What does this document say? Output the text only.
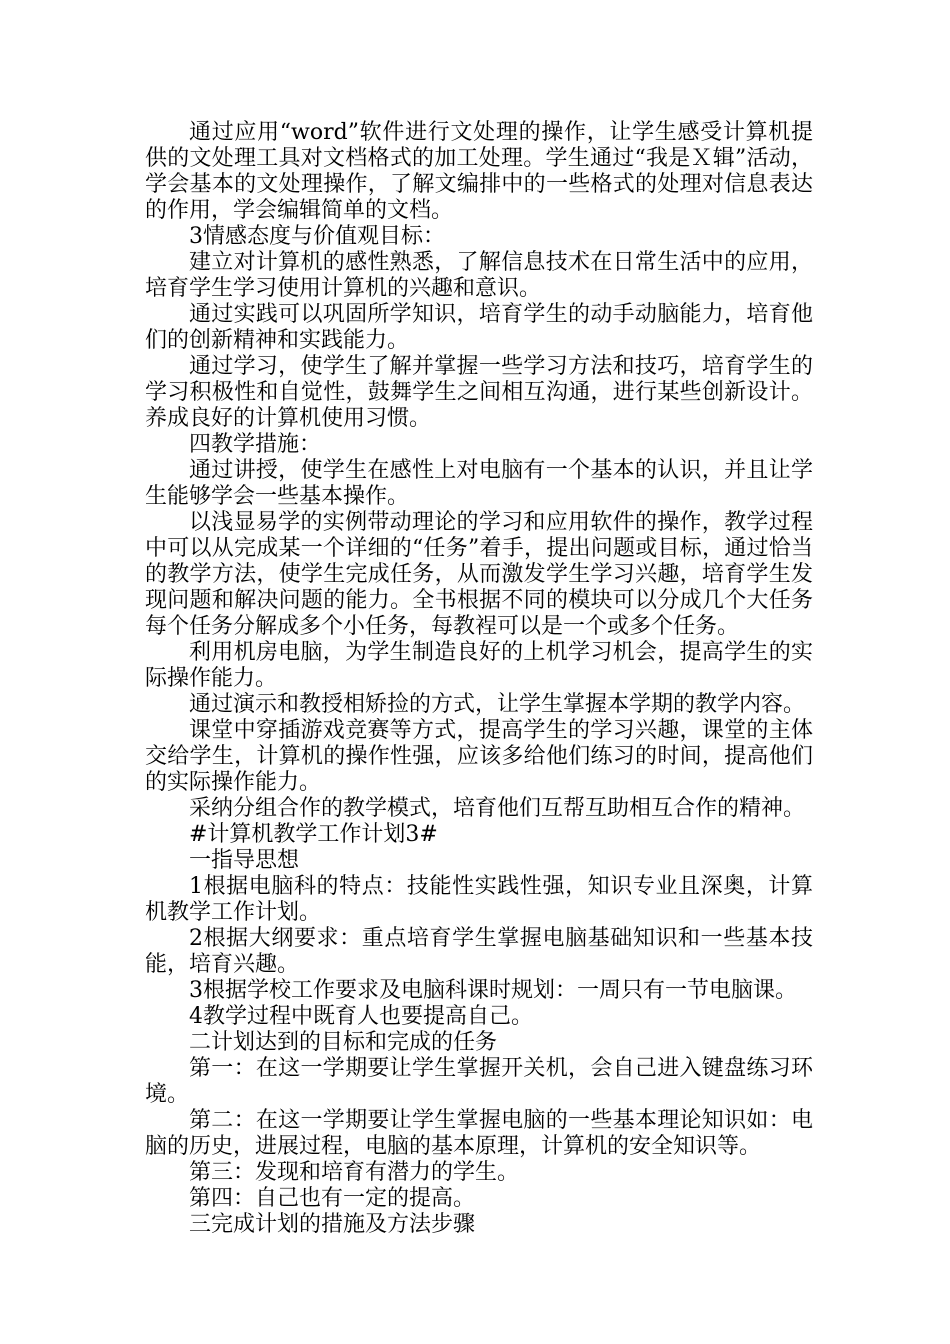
通过应用“word”软件进行文处理的操作，让学生感受计算机提供的文处理工具对文档格式的加工处理。学生通过“我是Ｘ辑”活动，学会基本的文处理操作，了解文编排中的一些格式的处理对信息表达的作用，学会编辑简单的文档。

3情感态度与价值观目标：

建立对计算机的感性熟悉，了解信息技术在日常生活中的应用，培育学生学习使用计算机的兴趣和意识。

通过实践可以巩固所学知识，培育学生的动手动脑能力，培育他们的创新精神和实践能力。

通过学习，使学生了解并掌握一些学习方法和技巧，培育学生的学习积极性和自觉性，鼓舞学生之间相互沟通，进行某些创新设计。养成良好的计算机使用习惯。

四教学措施：

通过讲授，使学生在感性上对电脑有一个基本的认识，并且让学生能够学会一些基本操作。

以浅显易学的实例带动理论的学习和应用软件的操作，教学过程中可以从完成某一个详细的“任务”着手，提出问题或目标，通过恰当的教学方法，使学生完成任务，从而激发学生学习兴趣，培育学生发现问题和解决问题的能力。全书根据不同的模块可以分成几个大任务每个任务分解成多个小任务，每教裎可以是一个或多个任务。

利用机房电脑，为学生制造良好的上机学习机会，提高学生的实际操作能力。

通过演示和教授相矫捡的方式，让学生掌握本学期的教学内容。

课堂中穿插游戏竞赛等方式，提高学生的学习兴趣，课堂的主体交给学生，计算机的操作性强，应该多给他们练习的时间，提高他们的实际操作能力。

采纳分组合作的教学模式，培育他们互帮互助相互合作的精神。

#计算机教学工作计划3#

一指导思想

1根据电脑科的特点：技能性实践性强，知识专业且深奥，计算机教学工作计划。

2根据大纲要求：重点培育学生掌握电脑基础知识和一些基本技能，培育兴趣。

3根据学校工作要求及电脑科课时规划：一周只有一节电脑课。

4教学过程中既育人也要提高自己。

二计划达到的目标和完成的任务

第一：在这一学期要让学生掌握开关机，会自己进入键盘练习环境。

第二：在这一学期要让学生掌握电脑的一些基本理论知识如：电脑的历史，进展过程，电脑的基本原理，计算机的安全知识等。

第三：发现和培育有潜力的学生。

第四：自己也有一定的提高。

三完成计划的措施及方法步骤
